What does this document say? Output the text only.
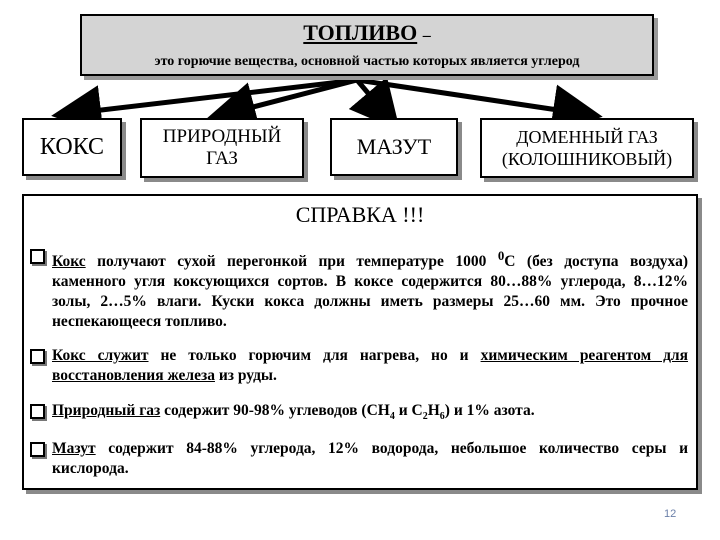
ТОПЛИВО –
это горючие вещества, основной частью которых является углерод
КОКС	ПРИРОДНЫЙ
ГАЗ	МАЗУТ	ДОМЕННЫЙ ГАЗ
(КОЛОШНИКОВЫЙ)
СПРАВКА !!!
Кокс получают сухой перегонкой при температуре 1000 $^0$С (без доступа воздуха) каменного угля коксующихся сортов. В коксе содержится 80…88% углерода, 8…12% золы, 2…5% влаги. Куски кокса должны иметь размеры 25…60 мм. Это прочное неспекающееся топливо.
Кокс служит не только горючим для нагрева, но и химическим реагентом для восстановления железа из руды.
Природный газ содержит 90-98% углеводов ($СН_4$ и $С_2Н_6$) и 1% азота.
Мазут содержит 84-88% углерода, 12% водорода, небольшое количество серы и кислорода.
12
